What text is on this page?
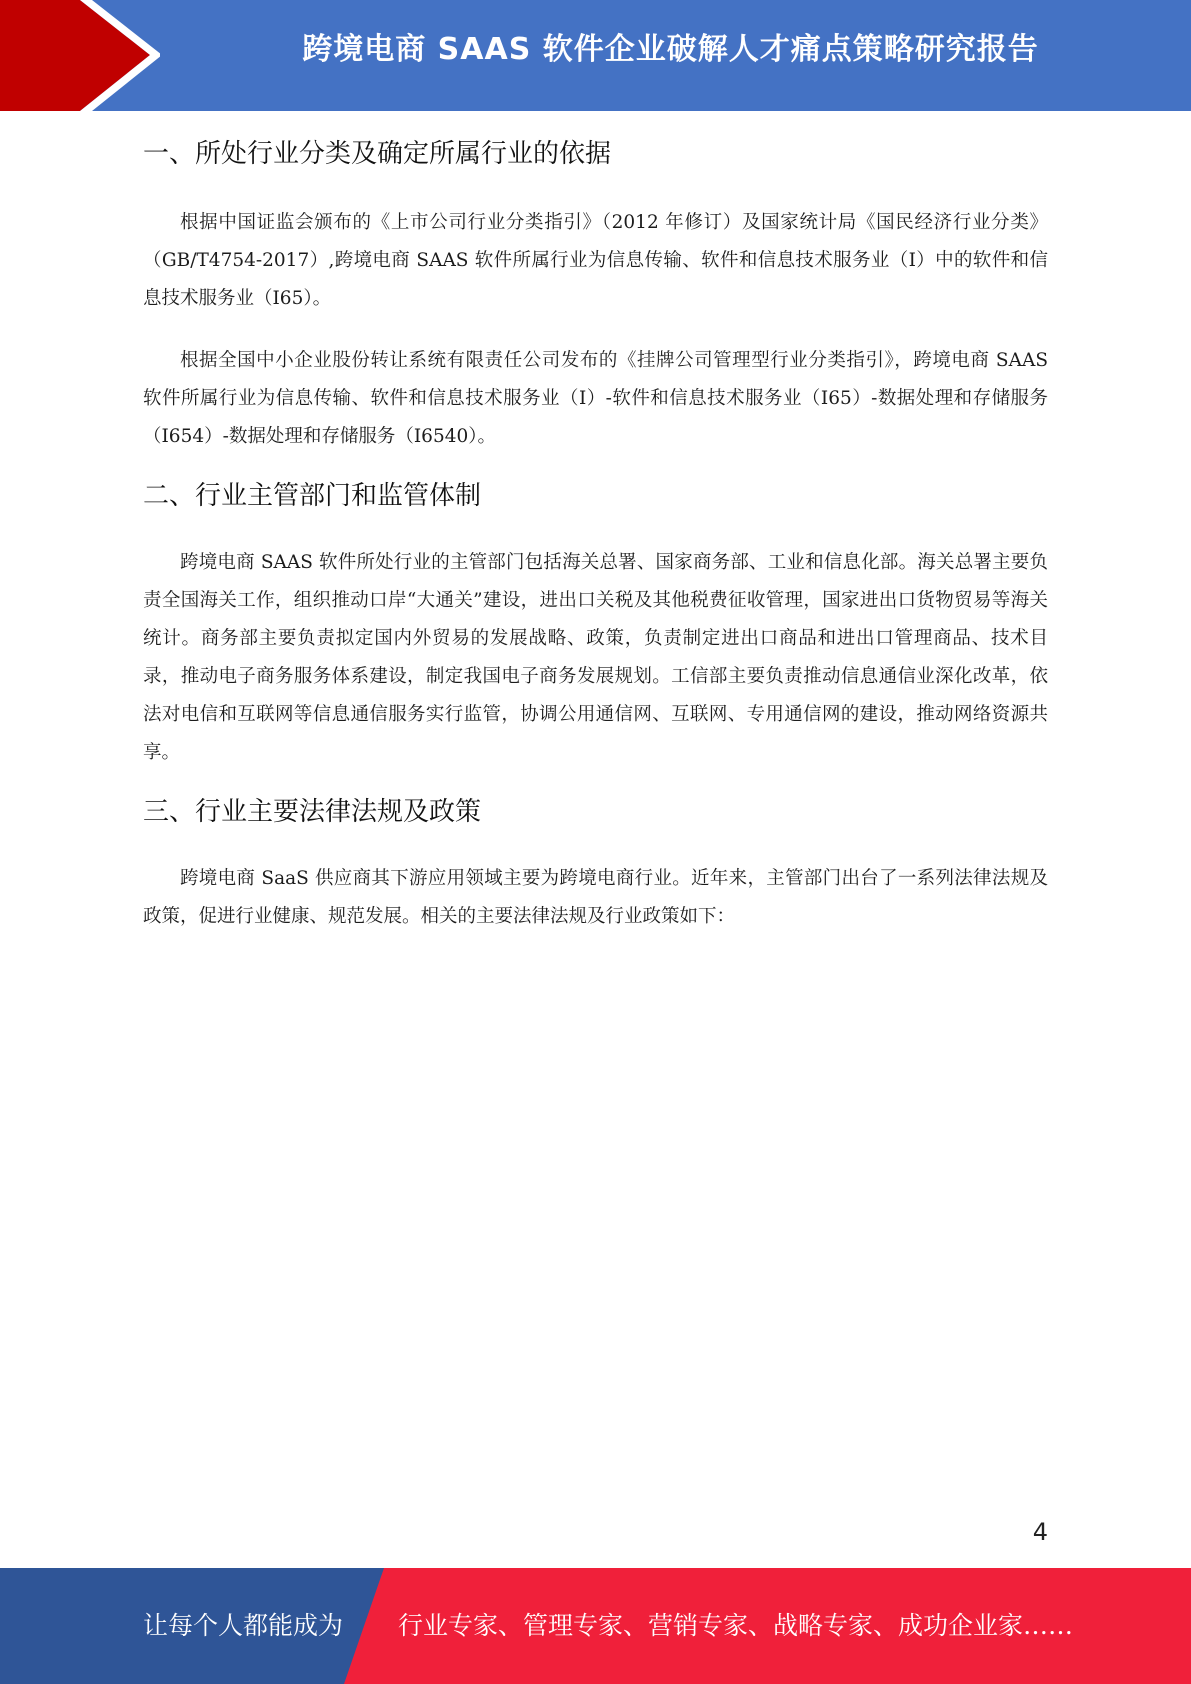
跨境电商 SAAS 软件企业破解人才痛点策略研究报告
一、所处行业分类及确定所属行业的依据

根据中国证监会颁布的《上市公司行业分类指引》（2012 年修订）及国家统计局《国民经济行业分类》（GB/T4754-2017）,跨境电商 SAAS 软件所属行业为信息传输、软件和信息技术服务业（I）中的软件和信息技术服务业（I65）。

根据全国中小企业股份转让系统有限责任公司发布的《挂牌公司管理型行业分类指引》，跨境电商 SAAS 软件所属行业为信息传输、软件和信息技术服务业（I）-软件和信息技术服务业（I65）-数据处理和存储服务（I654）-数据处理和存储服务（I6540）。

二、行业主管部门和监管体制

跨境电商 SAAS 软件所处行业的主管部门包括海关总署、国家商务部、工业和信息化部。海关总署主要负责全国海关工作，组织推动口岸“大通关”建设，进出口关税及其他税费征收管理，国家进出口货物贸易等海关统计。商务部主要负责拟定国内外贸易的发展战略、政策，负责制定进出口商品和进出口管理商品、技术目录，推动电子商务服务体系建设，制定我国电子商务发展规划。工信部主要负责推动信息通信业深化改革，依法对电信和互联网等信息通信服务实行监管，协调公用通信网、互联网、专用通信网的建设，推动网络资源共享。

三、行业主要法律法规及政策

跨境电商 SaaS 供应商其下游应用领域主要为跨境电商行业。近年来，主管部门出台了一系列法律法规及政策，促进行业健康、规范发展。相关的主要法律法规及行业政策如下：

4
让每个人都能成为 行业专家、管理专家、营销专家、战略专家、成功企业家……
